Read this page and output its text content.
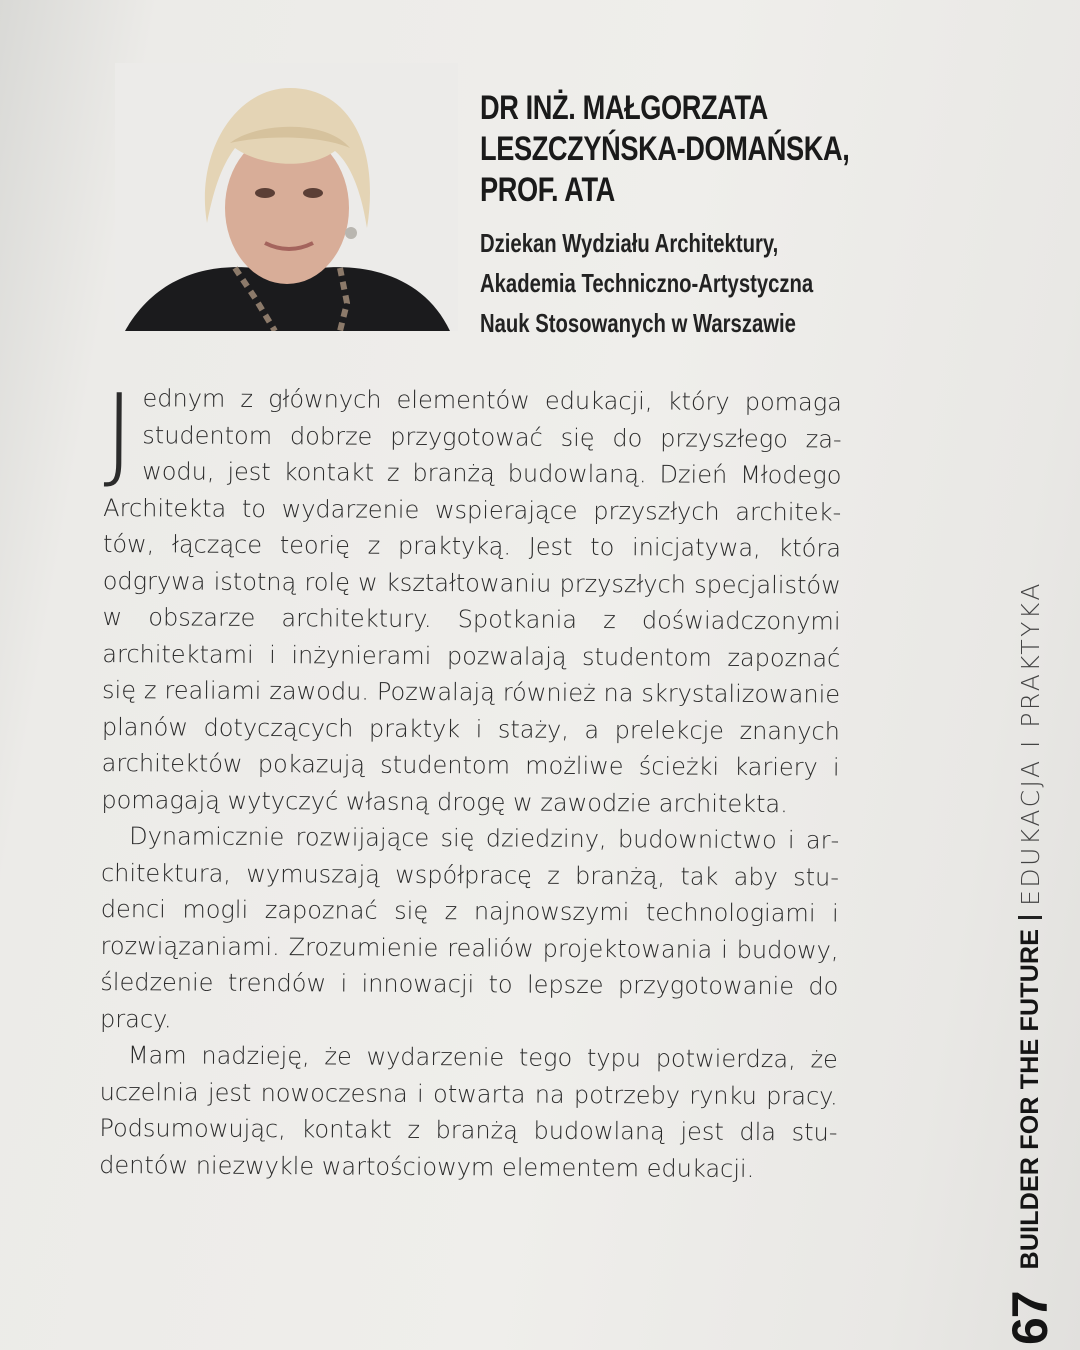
DR INŻ. MAŁGORZATA
LESZCZYŃSKA-DOMAŃSKA,
PROF. ATA
Dziekan Wydziału Architektury,
Akademia Techniczno-Artystyczna
Nauk Stosowanych w Warszawie

Jednym z głównych elementów edukacji, który pomaga studentom dobrze przygotować się do przyszłego zawodu, jest kontakt z branżą budowlaną. Dzień Młodego Architekta to wydarzenie wspierające przyszłych architektów, łączące teorię z praktyką. Jest to inicjatywa, która odgrywa istotną rolę w kształtowaniu przyszłych specjalistów w obszarze architektury. Spotkania z doświadczonymi architektami i inżynierami pozwalają studentom zapoznać się z realiami zawodu. Pozwalają również na skrystalizowanie planów dotyczących praktyk i staży, a prelekcje znanych architektów pokazują studentom możliwe ścieżki kariery i pomagają wytyczyć własną drogę w zawodzie architekta.

Dynamicznie rozwijające się dziedziny, budownictwo i architektura, wymuszają współpracę z branżą, tak aby studenci mogli zapoznać się z najnowszymi technologiami i rozwiązaniami. Zrozumienie realiów projektowania i budowy, śledzenie trendów i innowacji to lepsze przygotowanie do pracy.

Mam nadzieję, że wydarzenie tego typu potwierdza, że uczelnia jest nowoczesna i otwarta na potrzeby rynku pracy. Podsumowując, kontakt z branżą budowlaną jest dla studentów niezwykle wartościowym elementem edukacji.

67
BUILDER FOR THE FUTURE
EDUKACJA I PRAKTYKA
